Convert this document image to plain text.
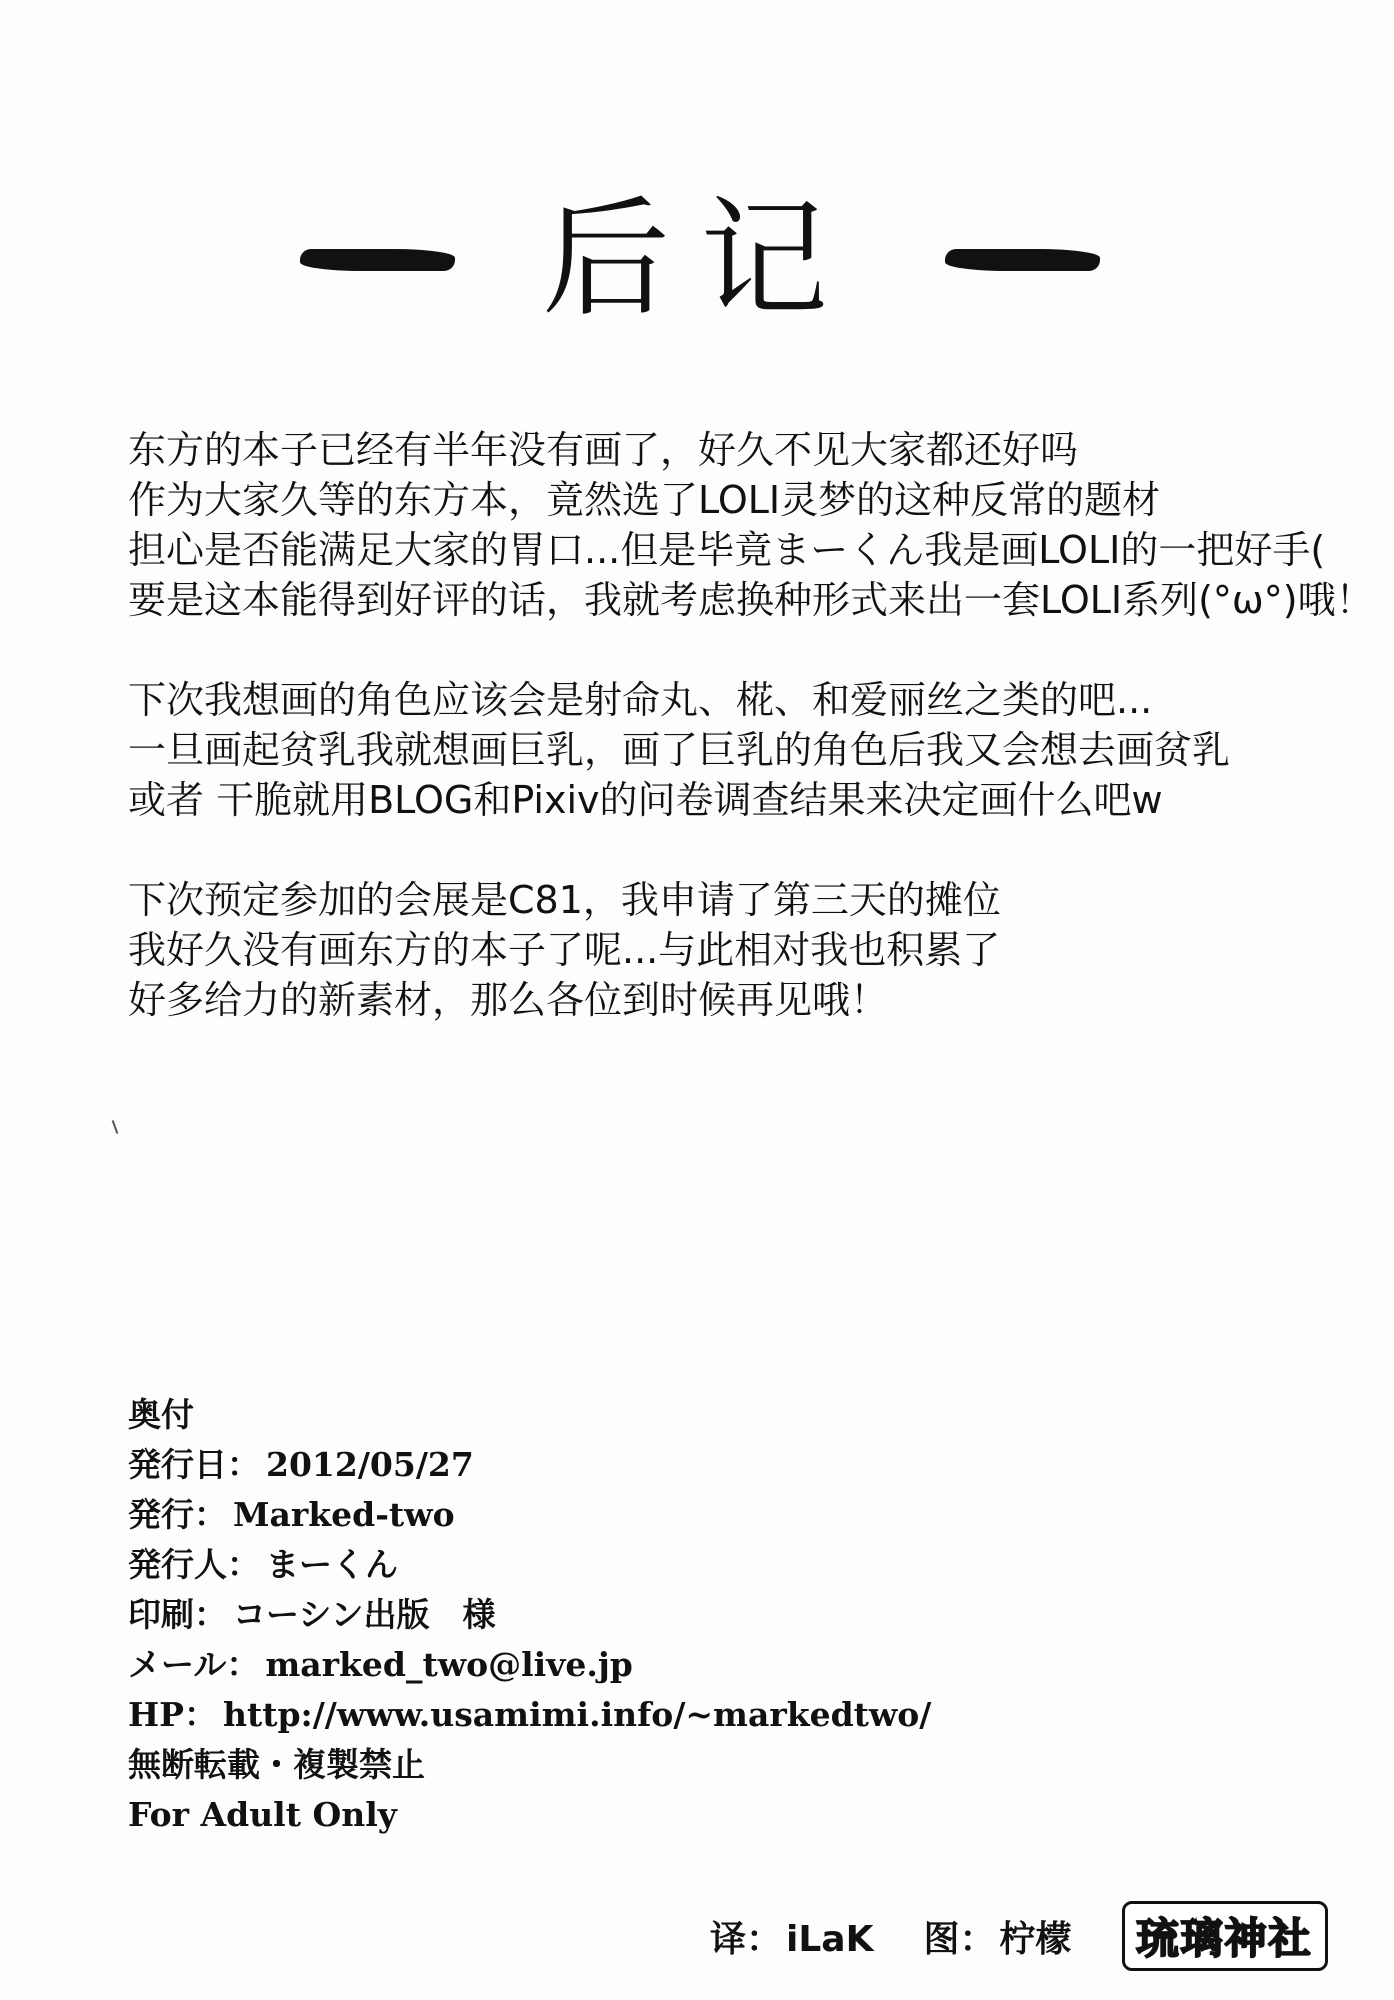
后记

东方的本子已经有半年没有画了，好久不见大家都还好吗
作为大家久等的东方本，竟然选了LOLI灵梦的这种反常的题材
担心是否能满足大家的胃口...但是毕竟まーくん我是画LOLI的一把好手(
要是这本能得到好评的话，我就考虑换种形式来出一套LOLI系列(°ω°)哦！

下次我想画的角色应该会是射命丸、椛、和爱丽丝之类的吧...
一旦画起贫乳我就想画巨乳，画了巨乳的角色后我又会想去画贫乳
或者 干脆就用BLOG和Pixiv的问卷调查结果来决定画什么吧w

下次预定参加的会展是C81，我申请了第三天的摊位
我好久没有画东方的本子了呢...与此相对我也积累了
好多给力的新素材，那么各位到时候再见哦！

奥付
発行日： 2012/05/27
発行： Marked-two
発行人： まーくん
印刷： コーシン出版　様
メール： marked_two@live.jp
HP： http://www.usamimi.info/~markedtwo/
無断転載・複製禁止
For Adult Only
译： iLaK 图： 柠檬	琉璃神社
